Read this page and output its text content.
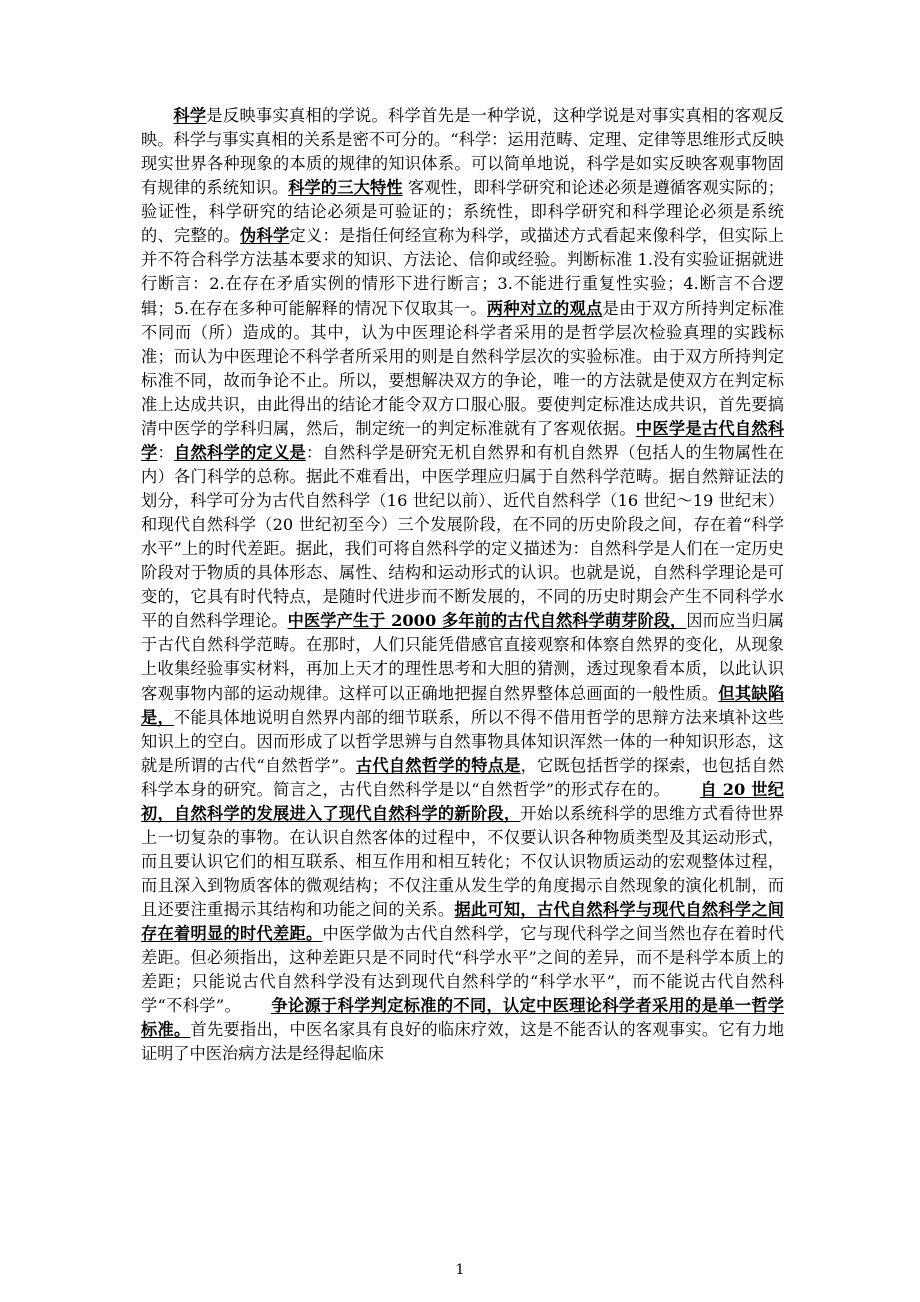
科学是反映事实真相的学说。科学首先是一种学说，这种学说是对事实真相的客观反映。科学与事实真相的关系是密不可分的。“科学：运用范畴、定理、定律等思维形式反映现实世界各种现象的本质的规律的知识体系。可以简单地说，科学是如实反映客观事物固有规律的系统知识。科学的三大特性 客观性，即科学研究和论述必须是遵循客观实际的；验证性，科学研究的结论必须是可验证的；系统性，即科学研究和科学理论必须是系统的、完整的。伪科学定义：是指任何经宣称为科学，或描述方式看起来像科学，但实际上并不符合科学方法基本要求的知识、方法论、信仰或经验。判断标准 1.没有实验证据就进行断言：2.在存在矛盾实例的情形下进行断言；3.不能进行重复性实验；4.断言不合逻辑；5.在存在多种可能解释的情况下仅取其一。两种对立的观点是由于双方所持判定标准不同而（所）造成的。其中，认为中医理论科学者采用的是哲学层次检验真理的实践标准；而认为中医理论不科学者所采用的则是自然科学层次的实验标准。由于双方所持判定标准不同，故而争论不止。所以，要想解决双方的争论，唯一的方法就是使双方在判定标准上达成共识，由此得出的结论才能令双方口服心服。要使判定标准达成共识，首先要搞清中医学的学科归属，然后，制定统一的判定标准就有了客观依据。中医学是古代自然科学：自然科学的定义是：自然科学是研究无机自然界和有机自然界（包括人的生物属性在内）各门科学的总称。据此不难看出，中医学理应归属于自然科学范畴。据自然辩证法的划分，科学可分为古代自然科学（16 世纪以前）、近代自然科学（16 世纪～19 世纪末）和现代自然科学（20 世纪初至今）三个发展阶段，在不同的历史阶段之间，存在着“科学水平”上的时代差距。据此，我们可将自然科学的定义描述为：自然科学是人们在一定历史阶段对于物质的具体形态、属性、结构和运动形式的认识。也就是说，自然科学理论是可变的，它具有时代特点，是随时代进步而不断发展的，不同的历史时期会产生不同科学水平的自然科学理论。中医学产生于 2000 多年前的古代自然科学萌芽阶段，因而应当归属于古代自然科学范畴。在那时，人们只能凭借感官直接观察和体察自然界的变化，从现象上收集经验事实材料，再加上天才的理性思考和大胆的猜测，透过现象看本质，以此认识客观事物内部的运动规律。这样可以正确地把握自然界整体总画面的一般性质。但其缺陷是，不能具体地说明自然界内部的细节联系，所以不得不借用哲学的思辩方法来填补这些知识上的空白。因而形成了以哲学思辨与自然事物具体知识浑然一体的一种知识形态，这就是所谓的古代“自然哲学”。古代自然哲学的特点是，它既包括哲学的探索，也包括自然科学本身的研究。简言之，古代自然科学是以“自然哲学”的形式存在的。 自 20 世纪初，自然科学的发展进入了现代自然科学的新阶段，开始以系统科学的思维方式看待世界上一切复杂的事物。在认识自然客体的过程中，不仅要认识各种物质类型及其运动形式，而且要认识它们的相互联系、相互作用和相互转化；不仅认识物质运动的宏观整体过程，而且深入到物质客体的微观结构；不仅注重从发生学的角度揭示自然现象的演化机制，而且还要注重揭示其结构和功能之间的关系。据此可知，古代自然科学与现代自然科学之间存在着明显的时代差距。中医学做为古代自然科学，它与现代科学之间当然也存在着时代差距。但必须指出，这种差距只是不同时代“科学水平”之间的差异，而不是科学本质上的差距；只能说古代自然科学没有达到现代自然科学的“科学水平”，而不能说古代自然科学“不科学”。 争论源于科学判定标准的不同，认定中医理论科学者采用的是单一哲学标准。首先要指出，中医名家具有良好的临床疗效，这是不能否认的客观事实。它有力地证明了中医治病方法是经得起临床

1
